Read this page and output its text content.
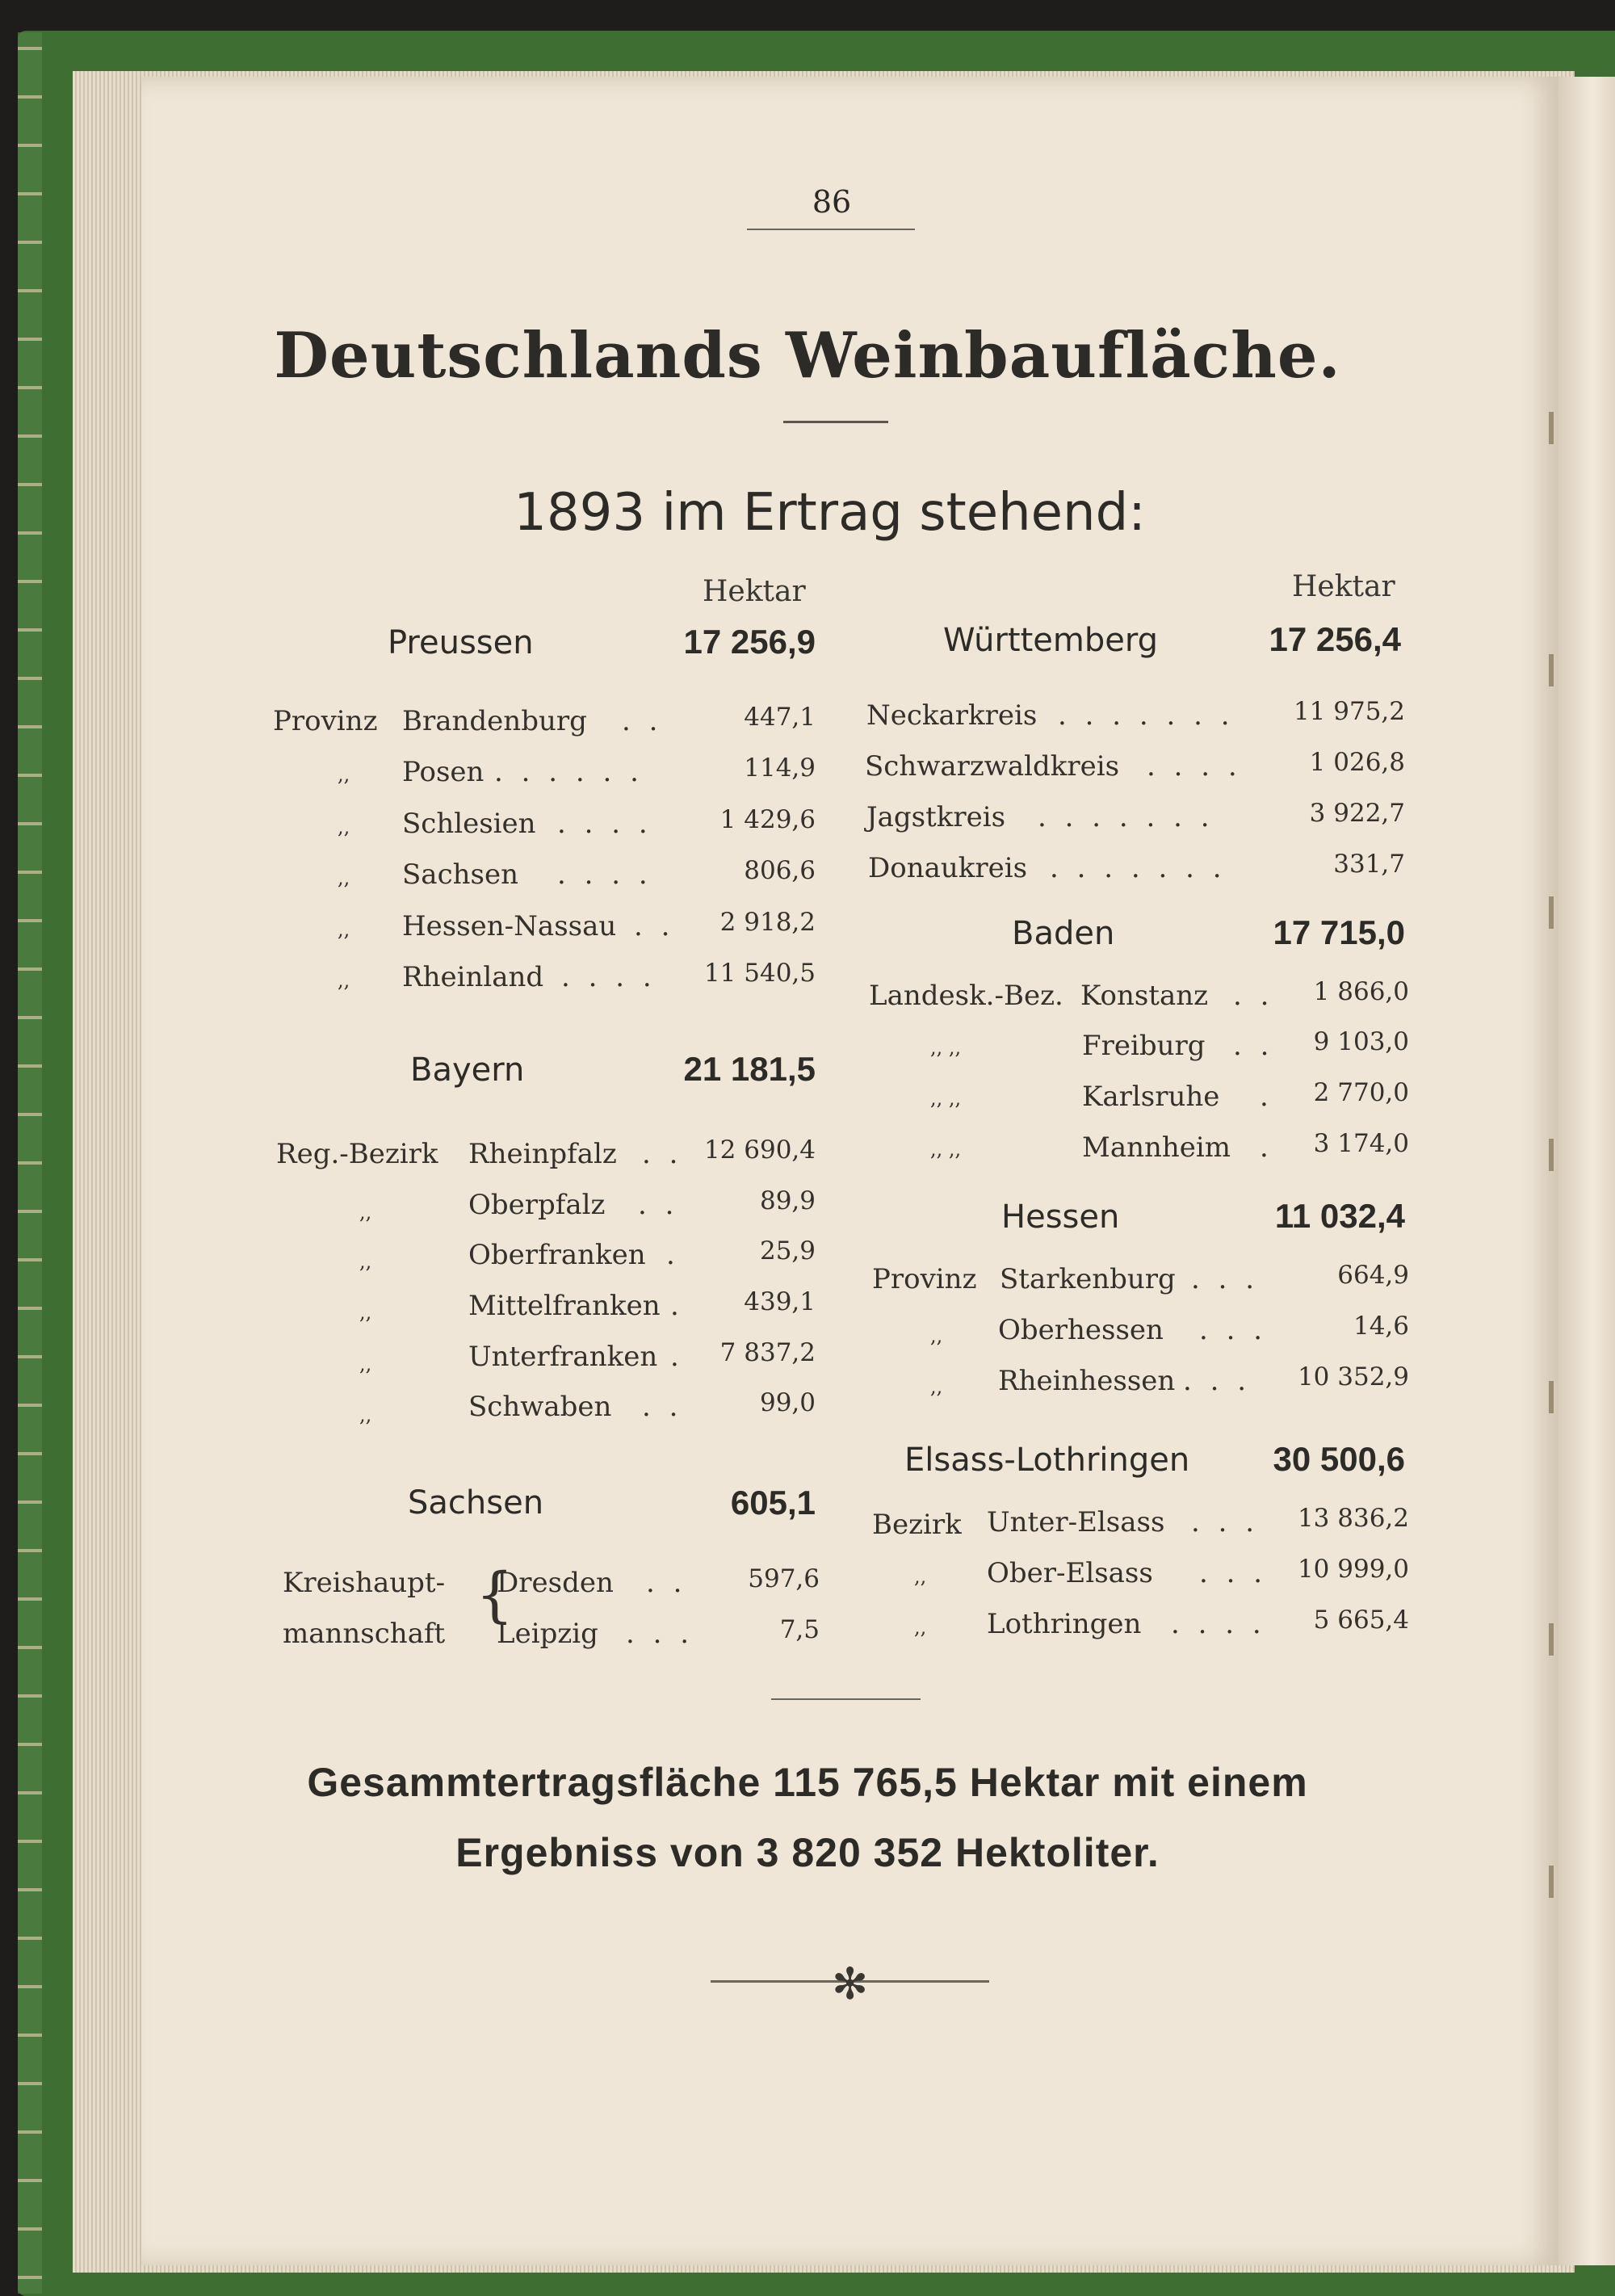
86
Deutschlands Weinbaufläche.
1893 im Ertrag stehend:
Hektar
Preussen	17 256,9
Provinz Brandenburg . .	447,1
,, Posen . . . . . .	114,9
,, Schlesien . . . .	1 429,6
,, Sachsen . . . .	806,6
,, Hessen-Nassau . .	2 918,2
,, Rheinland . . . .	11 540,5
Bayern	21 181,5
Reg.-Bezirk Rheinpfalz . . 12 690,4
,,	Oberpfalz . .	89,9
,,	Oberfranken .	25,9
,,	Mittelfranken .	439,1
,,	Unterfranken .	7 837,2
,,	Schwaben . .	99,0
Sachsen	605,1
Kreishaupt-
mannschaft
{
Dresden . .	597,6
Leipzig . . .	7,5
Hektar
Württemberg	17 256,4
Neckarkreis . . . . . . .	11 975,2
Schwarzwaldkreis . . . .	1 026,8
Jagstkreis . . . . . . .	3 922,7
Donaukreis . . . . . . .	331,7
Baden	17 715,0
Landesk.-Bez. Konstanz . .	1 866,0
,, ,,	Freiburg . .	9 103,0
,, ,,	Karlsruhe .	2 770,0
,, ,,	Mannheim .	3 174,0
Hessen	11 032,4
Provinz Starkenburg . . .	664,9
,, Oberhessen . . .	14,6
,, Rheinhessen . . .	10 352,9
Elsass-Lothringen	30 500,6
Bezirk Unter-Elsass . . .	13 836,2
,, Ober-Elsass . . .	10 999,0
,, Lothringen . . . .	5 665,4
Gesammtertragsfläche 115 765,5 Hektar mit einem
Ergebniss von 3 820 352 Hektoliter.
✻
